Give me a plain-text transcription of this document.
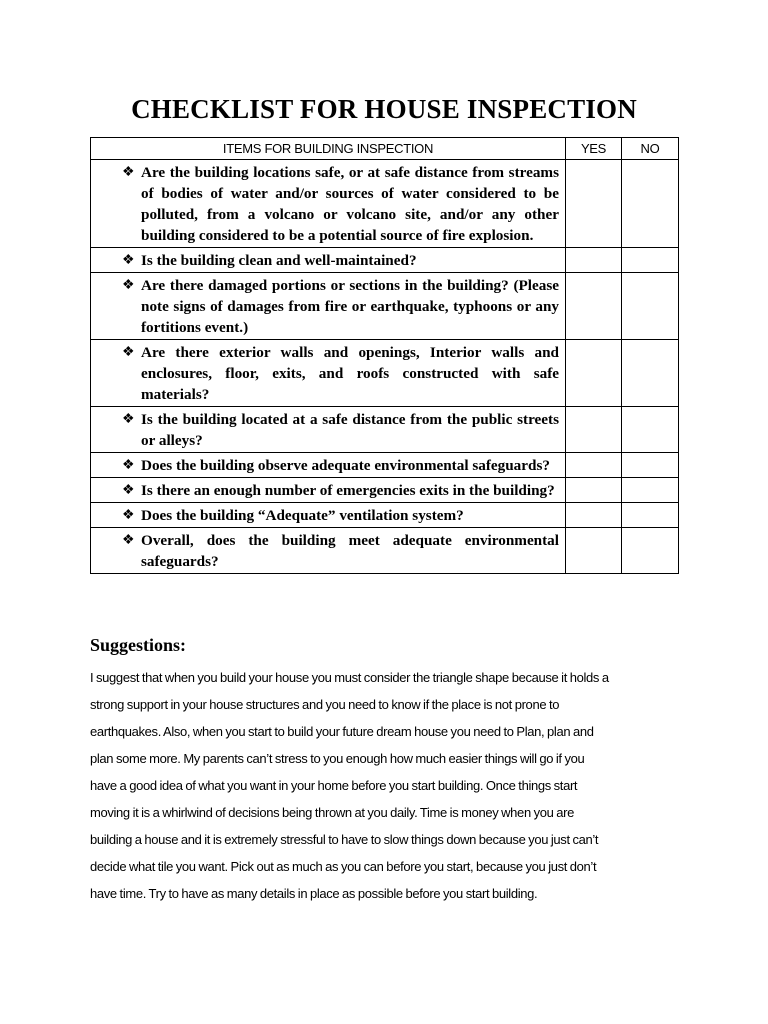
CHECKLIST FOR HOUSE INSPECTION
ITEMS FOR BUILDING INSPECTION	YES	NO

❖ Are the building locations safe, or at safe distance from streams of bodies of water and/or sources of water considered to be polluted, from a volcano or volcano site, and/or any other building considered to be a potential source of fire explosion.		

❖ Is the building clean and well-maintained?		

❖ Are there damaged portions or sections in the building? (Please note signs of damages from fire or earthquake, typhoons or any fortitions event.)		

❖ Are there exterior walls and openings, Interior walls and enclosures, floor, exits, and roofs constructed with safe materials?		

❖ Is the building located at a safe distance from the public streets or alleys?		

❖ Does the building observe adequate environmental safeguards?		

❖ Is there an enough number of emergencies exits in the building?		

❖ Does the building “Adequate” ventilation system?		

❖ Overall, does the building meet adequate environmental safeguards?		

Suggestions:
I suggest that when you build your house you must consider the triangle shape because it holds a
strong support in your house structures and you need to know if the place is not prone to
earthquakes. Also, when you start to build your future dream house you need to Plan, plan and
plan some more. My parents can’t stress to you enough how much easier things will go if you
have a good idea of what you want in your home before you start building. Once things start
moving it is a whirlwind of decisions being thrown at you daily. Time is money when you are
building a house and it is extremely stressful to have to slow things down because you just can’t
decide what tile you want. Pick out as much as you can before you start, because you just don’t
have time. Try to have as many details in place as possible before you start building.
